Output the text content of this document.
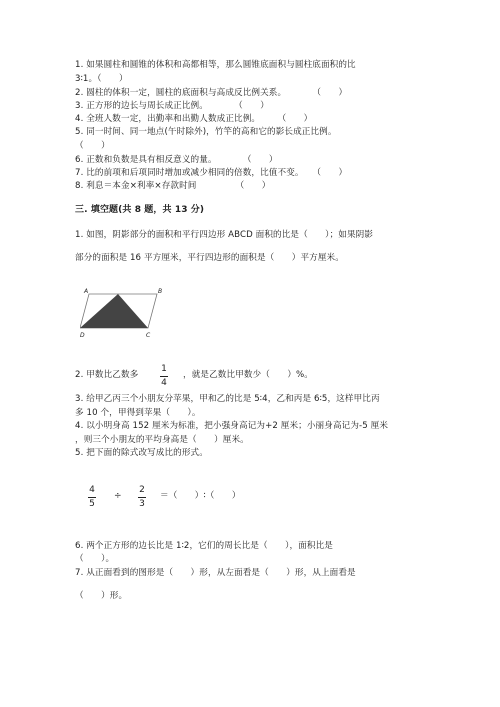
1. 如果圆柱和圆锥的体积和高都相等，那么圆锥底面积与圆柱底面积的比
3∶1。（　　）
2. 圆柱的体积一定，圆柱的底面积与高成反比例关系。　　　　（　　）
3. 正方形的边长与周长成正比例。　　　　（　　）
4. 全班人数一定，出勤率和出勤人数成正比例。　　　（　　）
5. 同一时间、同一地点(午时除外)，竹竿的高和它的影长成正比例。
（　　）
6. 正数和负数是具有相反意义的量。　　　　（　　）
7. 比的前项和后项同时增加或减少相同的倍数，比值不变。　　（　　）
8. 利息＝本金×利率×存款时间　　　　　（　　）
三. 填空题(共 8 题，共 13 分)
1. 如图，阴影部分的面积和平行四边形 ABCD 面积的比是（　　）；如果阴影
部分的面积是 16 平方厘米，平行四边形的面积是（　　）平方厘米。
A	B
C
D
2. 甲数比乙数多
1
4
，就是乙数比甲数少（　　）%。
3. 给甲乙丙三个小朋友分苹果，甲和乙的比是 5∶4，乙和丙是 6∶5，这样甲比丙
多 10 个，甲得到苹果（　　）。
4. 以小明身高 152 厘米为标准，把小强身高记为+2 厘米；小丽身高记为-5 厘米
，则三个小朋友的平均身高是（　　）厘米。
5. 把下面的除式改写成比的形式。
4
5
÷
2
3
＝（　　）∶（　　）
6. 两个正方形的边长比是 1∶2，它们的周长比是（　　），面积比是
（　　）。
7. 从正面看到的图形是（　　）形，从左面看是（　　）形，从上面看是
（　　）形。
